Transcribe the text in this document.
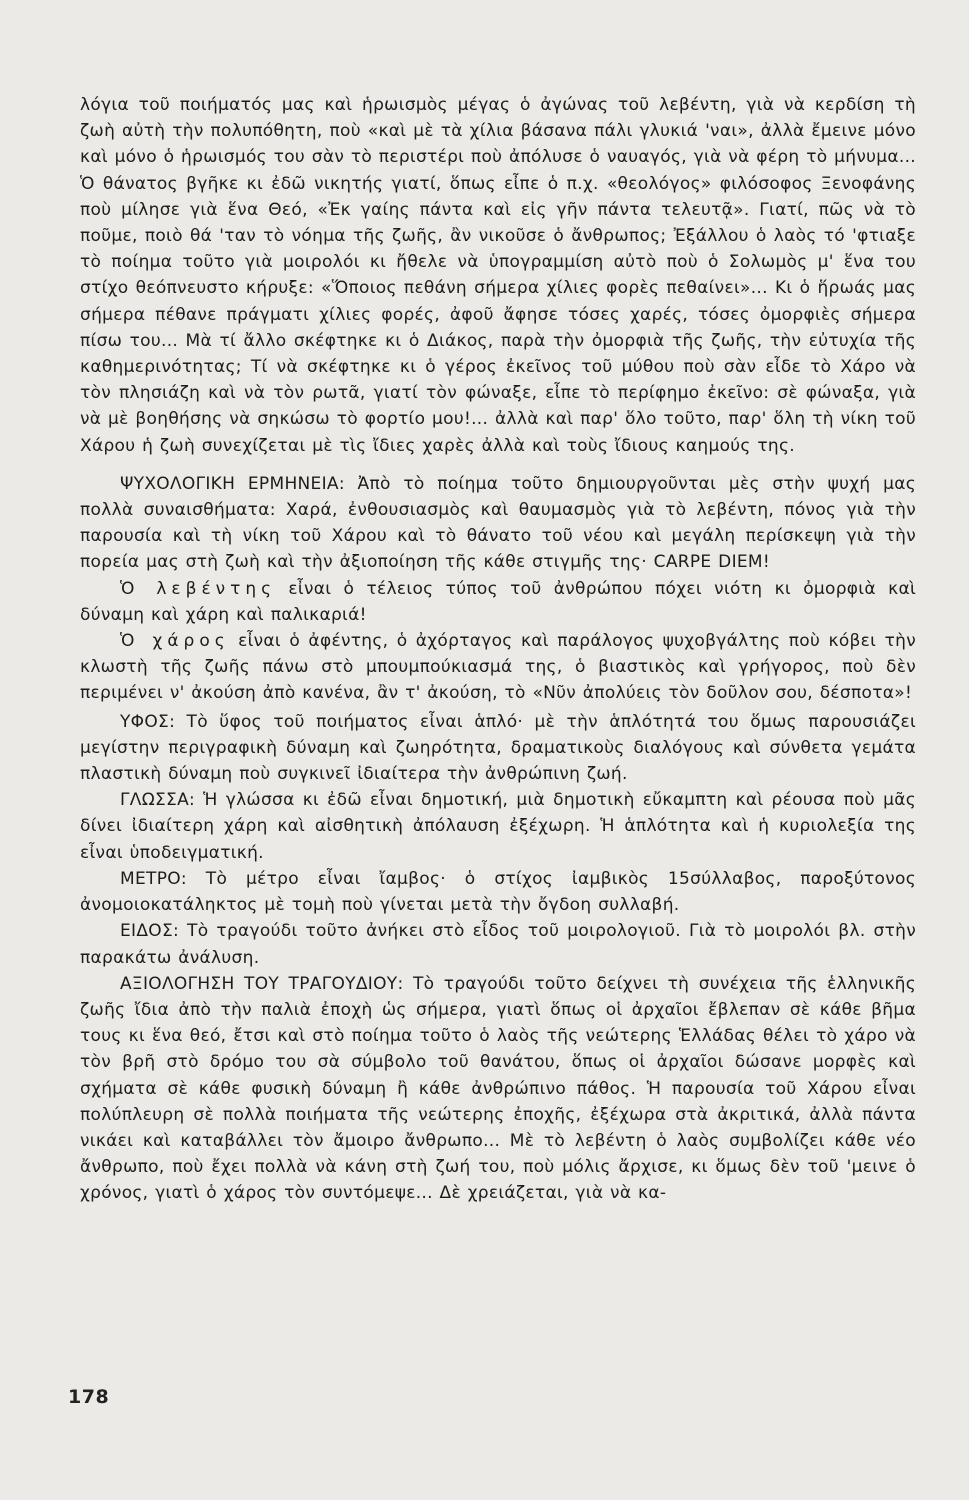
λόγια τοῦ ποιήματός μας καὶ ἡρωισμὸς μέγας ὁ ἀγώνας τοῦ λεβέντη, γιὰ νὰ κερδίση τὴ ζωὴ αὐτὴ τὴν πολυπόθητη, ποὺ «καὶ μὲ τὰ χίλια βάσανα πάλι γλυκιά 'ναι», ἀλλὰ ἔμεινε μόνο καὶ μόνο ὁ ἡρωισμός του σὰν τὸ περιστέρι ποὺ ἀπόλυσε ὁ ναυαγός, γιὰ νὰ φέρη τὸ μήνυμα... Ὁ θάνατος βγῆκε κι ἐδῶ νικητής γιατί, ὅπως εἶπε ὁ π.χ. «θεολόγος» φιλόσοφος Ξενοφάνης ποὺ μίλησε γιὰ ἕνα Θεό, «Ἐκ γαίης πάντα καὶ εἰς γῆν πάντα τελευτᾷ». Γιατί, πῶς νὰ τὸ ποῦμε, ποιὸ θά 'ταν τὸ νόημα τῆς ζωῆς, ἂν νικοῦσε ὁ ἄνθρωπος; Ἐξάλλου ὁ λαὸς τό 'φτιαξε τὸ ποίημα τοῦτο γιὰ μοιρολόι κι ἤθελε νὰ ὑπογραμμίση αὐτὸ ποὺ ὁ Σολωμὸς μ' ἕνα του στίχο θεόπνευστο κήρυξε: «Ὅποιος πεθάνη σήμερα χίλιες φορὲς πεθαίνει»... Κι ὁ ἥρωάς μας σήμερα πέθανε πράγματι χίλιες φορές, ἀφοῦ ἄφησε τόσες χαρές, τόσες ὀμορφιὲς σήμερα πίσω του... Μὰ τί ἄλλο σκέφτηκε κι ὁ Διάκος, παρὰ τὴν ὀμορφιὰ τῆς ζωῆς, τὴν εὐτυχία τῆς καθημερινότητας; Τί νὰ σκέφτηκε κι ὁ γέρος ἐκεῖνος τοῦ μύθου ποὺ σὰν εἶδε τὸ Χάρο νὰ τὸν πλησιάζη καὶ νὰ τὸν ρωτᾶ, γιατί τὸν φώναξε, εἶπε τὸ περίφημο ἐκεῖνο: σὲ φώναξα, γιὰ νὰ μὲ βοηθήσης νὰ σηκώσω τὸ φορτίο μου!... ἀλλὰ καὶ παρ' ὅλο τοῦτο, παρ' ὅλη τὴ νίκη τοῦ Χάρου ἡ ζωὴ συνεχίζεται μὲ τὶς ἴδιες χαρὲς ἀλλὰ καὶ τοὺς ἴδιους καημούς της.

ΨΥΧΟΛΟΓΙΚΗ ΕΡΜΗΝΕΙΑ: Ἀπὸ τὸ ποίημα τοῦτο δημιουργοῦνται μὲς στὴν ψυχή μας πολλὰ συναισθήματα: Χαρά, ἐνθουσιασμὸς καὶ θαυμασμὸς γιὰ τὸ λεβέντη, πόνος γιὰ τὴν παρουσία καὶ τὴ νίκη τοῦ Χάρου καὶ τὸ θάνατο τοῦ νέου καὶ μεγάλη περίσκεψη γιὰ τὴν πορεία μας στὴ ζωὴ καὶ τὴν ἀξιοποίηση τῆς κάθε στιγμῆς της· CARPE DIEM!

Ὁ λεβέντης εἶναι ὁ τέλειος τύπος τοῦ ἀνθρώπου πόχει νιότη κι ὀμορφιὰ καὶ δύναμη καὶ χάρη καὶ παλικαριά!

Ὁ χάρος εἶναι ὁ ἀφέντης, ὁ ἀχόρταγος καὶ παράλογος ψυχοβγάλτης ποὺ κόβει τὴν κλωστὴ τῆς ζωῆς πάνω στὸ μπουμπούκιασμά της, ὁ βιαστικὸς καὶ γρήγορος, ποὺ δὲν περιμένει ν' ἀκούση ἀπὸ κανένα, ἂν τ' ἀκούση, τὸ «Νῦν ἀπολύεις τὸν δοῦλον σου, δέσποτα»!

ΥΦΟΣ: Τὸ ὕφος τοῦ ποιήματος εἶναι ἁπλό· μὲ τὴν ἁπλότητά του ὅμως παρουσιάζει μεγίστην περιγραφικὴ δύναμη καὶ ζωηρότητα, δραματικοὺς διαλόγους καὶ σύνθετα γεμάτα πλαστικὴ δύναμη ποὺ συγκινεῖ ἰδιαίτερα τὴν ἀνθρώπινη ζωή.

ΓΛΩΣΣΑ: Ἡ γλώσσα κι ἐδῶ εἶναι δημοτική, μιὰ δημοτικὴ εὔκαμπτη καὶ ρέουσα ποὺ μᾶς δίνει ἰδιαίτερη χάρη καὶ αἰσθητικὴ ἀπόλαυση ἐξέχωρη. Ἡ ἁπλότητα καὶ ἡ κυριολεξία της εἶναι ὑποδειγματική.

ΜΕΤΡΟ: Τὸ μέτρο εἶναι ἴαμβος· ὁ στίχος ἰαμβικὸς 15σύλλαβος, παροξύτονος ἀνομοιοκατάληκτος μὲ τομὴ ποὺ γίνεται μετὰ τὴν ὄγδοη συλλαβή.

ΕΙΔΟΣ: Τὸ τραγούδι τοῦτο ἀνήκει στὸ εἶδος τοῦ μοιρολογιοῦ. Γιὰ τὸ μοιρολόι βλ. στὴν παρακάτω ἀνάλυση.

ΑΞΙΟΛΟΓΗΣΗ ΤΟΥ ΤΡΑΓΟΥΔΙΟΥ: Τὸ τραγούδι τοῦτο δείχνει τὴ συνέχεια τῆς ἑλληνικῆς ζωῆς ἴδια ἀπὸ τὴν παλιὰ ἐποχὴ ὡς σήμερα, γιατὶ ὅπως οἱ ἀρχαῖοι ἔβλεπαν σὲ κάθε βῆμα τους κι ἕνα θεό, ἔτσι καὶ στὸ ποίημα τοῦτο ὁ λαὸς τῆς νεώτερης Ἑλλάδας θέλει τὸ χάρο νὰ τὸν βρῆ στὸ δρόμο του σὰ σύμβολο τοῦ θανάτου, ὅπως οἱ ἀρχαῖοι δώσανε μορφὲς καὶ σχήματα σὲ κάθε φυσικὴ δύναμη ἢ κάθε ἀνθρώπινο πάθος. Ἡ παρουσία τοῦ Χάρου εἶναι πολύπλευρη σὲ πολλὰ ποιήματα τῆς νεώτερης ἐποχῆς, ἐξέχωρα στὰ ἀκριτικά, ἀλλὰ πάντα νικάει καὶ καταβάλλει τὸν ἄμοιρο ἄνθρωπο... Μὲ τὸ λεβέντη ὁ λαὸς συμβολίζει κάθε νέο ἄνθρωπο, ποὺ ἔχει πολλὰ νὰ κάνη στὴ ζωή του, ποὺ μόλις ἄρχισε, κι ὅμως δὲν τοῦ 'μεινε ὁ χρόνος, γιατὶ ὁ χάρος τὸν συντόμεψε... Δὲ χρειάζεται, γιὰ νὰ κα-

178
